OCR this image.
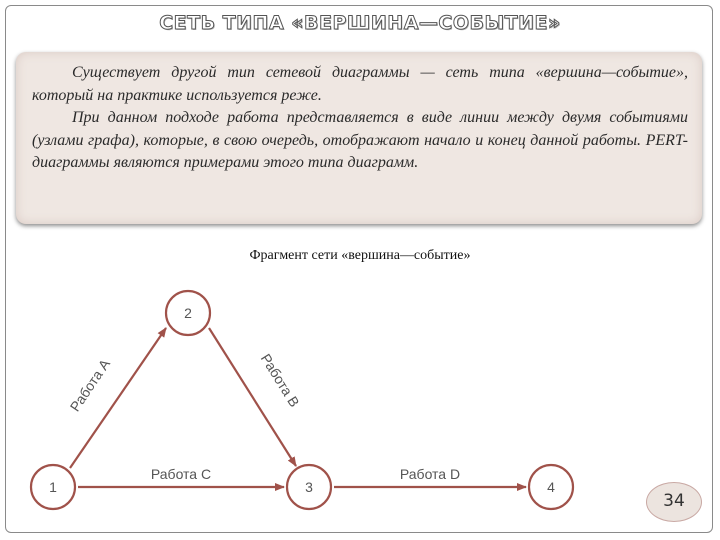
СЕТЬ ТИПА «ВЕРШИНА—СОБЫТИЕ»

Существует другой тип сетевой диаграммы — сеть типа «вершина—событие», который на практике используется реже.

При данном подходе работа представляется в виде линии между двумя событиями (узлами графа), которые, в свою очередь, отображают начало и конец данной работы. PERT-диаграммы являются примерами этого типа диаграмм.

Фрагмент сети «вершина—событие»
Работа A	Работа B
Работа C	Работа D
1
2
3	4
34
